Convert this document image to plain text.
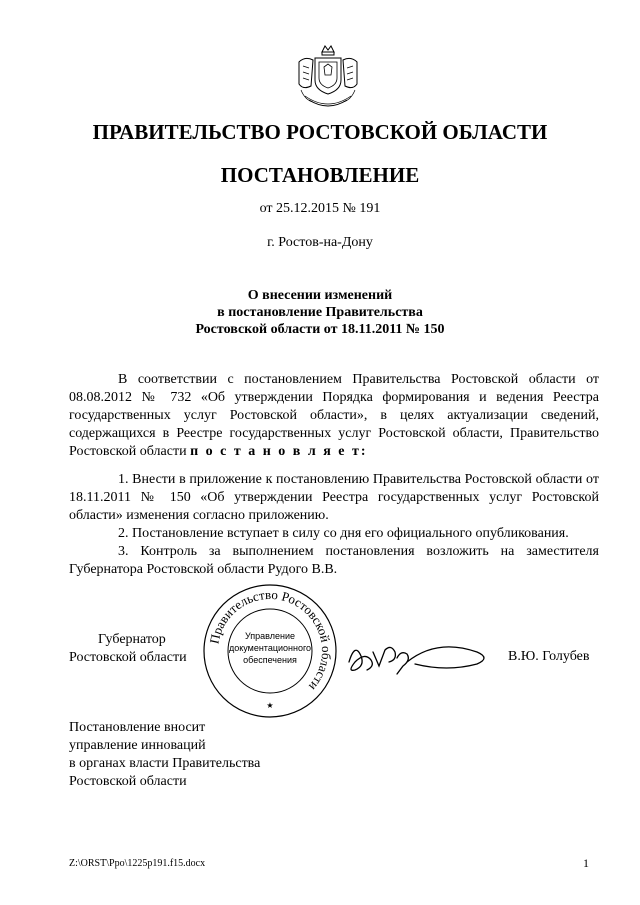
ПРАВИТЕЛЬСТВО РОСТОВСКОЙ ОБЛАСТИ
ПОСТАНОВЛЕНИЕ
от 25.12.2015 № 191
г. Ростов-на-Дону
О внесении изменений
в постановление Правительства
Ростовской области от 18.11.2011 № 150

В соответствии с постановлением Правительства Ростовской области от 08.08.2012 № 732 «Об утверждении Порядка формирования и ведения Реестра государственных услуг Ростовской области», в целях актуализации сведений, содержащихся в Реестре государственных услуг Ростовской области, Правительство Ростовской области п о с т а н о в л я е т:

1. Внести в приложение к постановлению Правительства Ростовской области от 18.11.2011 № 150 «Об утверждении Реестра государственных услуг Ростовской области» изменения согласно приложению.

2. Постановление вступает в силу со дня его официального опубликования.

3. Контроль за выполнением постановления возложить на заместителя Губернатора Ростовской области Рудого В.В.

Губернатор
Ростовской области
Правительство Ростовской области
Управление
документационного
обеспечения
★
В.Ю. Голубев
Постановление вносит
управление инноваций
в органах власти Правительства
Ростовской области
Z:\ORST\Ppo\1225p191.f15.docx	1
